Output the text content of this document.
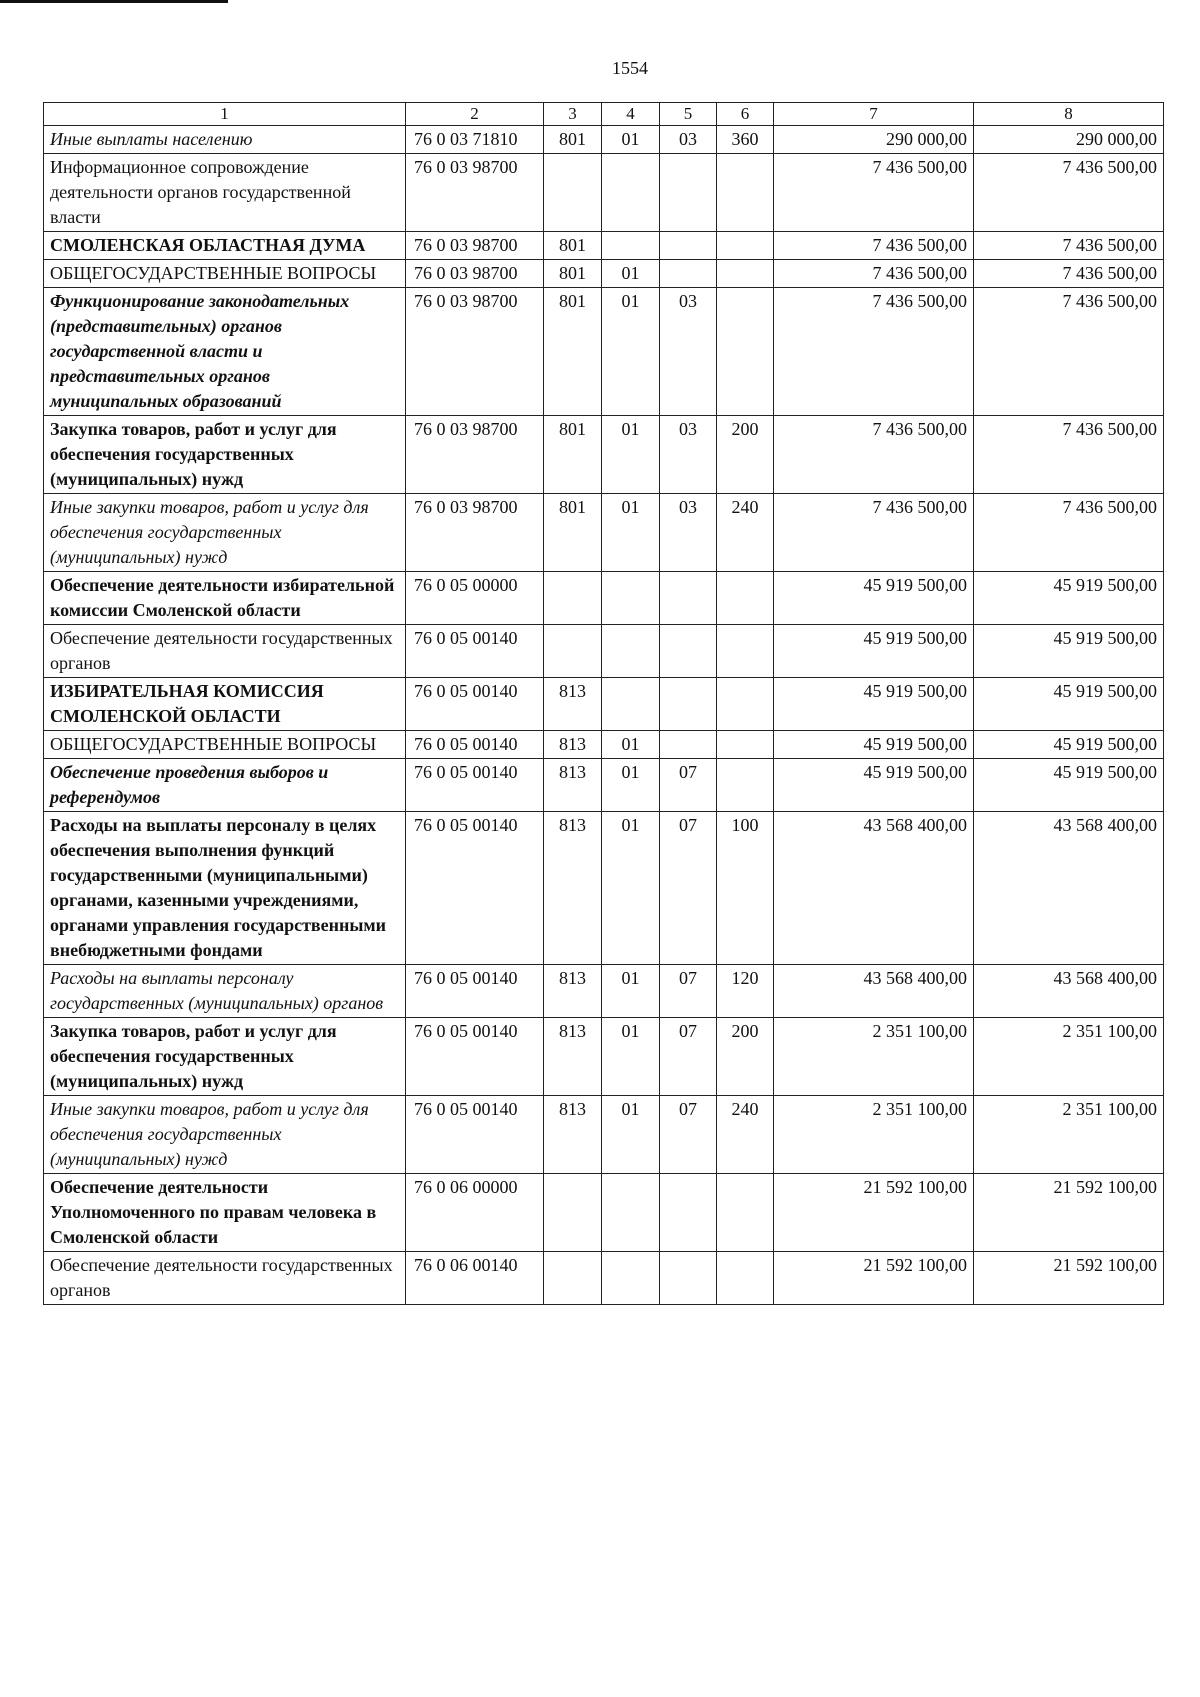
1554
1	2	3	4	5	6	7	8
Иные выплаты населению	76 0 03 71810	801	01	03	360	290 000,00	290 000,00
Информационное сопровождение деятельности органов государственной власти	76 0 03 98700					7 436 500,00	7 436 500,00
СМОЛЕНСКАЯ ОБЛАСТНАЯ ДУМА	76 0 03 98700	801				7 436 500,00	7 436 500,00
ОБЩЕГОСУДАРСТВЕННЫЕ ВОПРОСЫ	76 0 03 98700	801	01			7 436 500,00	7 436 500,00
Функционирование законодательных (представительных) органов государственной власти и представительных органов муниципальных образований	76 0 03 98700	801	01	03		7 436 500,00	7 436 500,00
Закупка товаров, работ и услуг для обеспечения государственных (муниципальных) нужд	76 0 03 98700	801	01	03	200	7 436 500,00	7 436 500,00
Иные закупки товаров, работ и услуг для обеспечения государственных (муниципальных) нужд	76 0 03 98700	801	01	03	240	7 436 500,00	7 436 500,00
Обеспечение деятельности избирательной комиссии Смоленской области	76 0 05 00000					45 919 500,00	45 919 500,00
Обеспечение деятельности государственных органов	76 0 05 00140					45 919 500,00	45 919 500,00
ИЗБИРАТЕЛЬНАЯ КОМИССИЯ СМОЛЕНСКОЙ ОБЛАСТИ	76 0 05 00140	813				45 919 500,00	45 919 500,00
ОБЩЕГОСУДАРСТВЕННЫЕ ВОПРОСЫ	76 0 05 00140	813	01			45 919 500,00	45 919 500,00
Обеспечение проведения выборов и референдумов	76 0 05 00140	813	01	07		45 919 500,00	45 919 500,00
Расходы на выплаты персоналу в целях обеспечения выполнения функций государственными (муниципальными) органами, казенными учреждениями, органами управления государственными внебюджетными фондами	76 0 05 00140	813	01	07	100	43 568 400,00	43 568 400,00
Расходы на выплаты персоналу государственных (муниципальных) органов	76 0 05 00140	813	01	07	120	43 568 400,00	43 568 400,00
Закупка товаров, работ и услуг для обеспечения государственных (муниципальных) нужд	76 0 05 00140	813	01	07	200	2 351 100,00	2 351 100,00
Иные закупки товаров, работ и услуг для обеспечения государственных (муниципальных) нужд	76 0 05 00140	813	01	07	240	2 351 100,00	2 351 100,00
Обеспечение деятельности Уполномоченного по правам человека в Смоленской области	76 0 06 00000					21 592 100,00	21 592 100,00
Обеспечение деятельности государственных органов	76 0 06 00140					21 592 100,00	21 592 100,00
